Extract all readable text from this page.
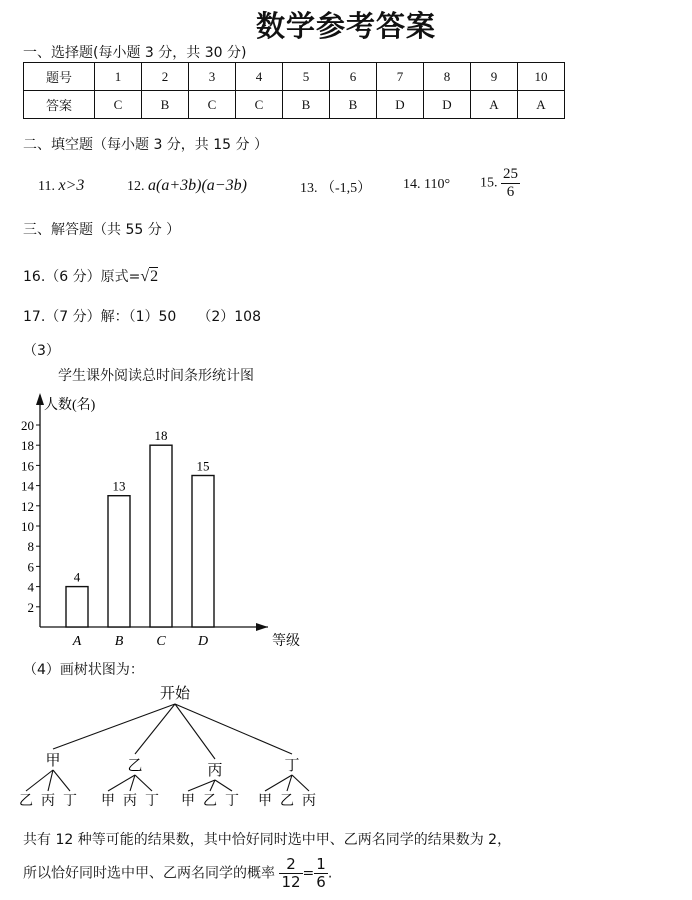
数学参考答案
一、选择题(每小题 3 分，共 30 分)
题号	1	2	3	4	5	6	7	8	9	10
答案	C	B	C	C	B	B	D	D	A	A
二、填空题（每小题 3 分，共 15 分 ）
11. x>3	12. a(a+3b)(a−3b)	13. （-1,5） 14. 110° 15. $\frac{25}{6}$
三、解答题（共 55 分 ）
16.（6 分）原式=√2
17.（7 分）解：（1）50　　（2）108
（3）
学生课外阅读总时间条形统计图
人数(名)
等级
2
4
6
8
10
12
14
16
18
20
4
A
13
B
18
C
15
D
（4）画树状图为：
开始
甲
乙 丙 丁
乙
甲 丙 丁
丙
甲 乙 丁
丁
甲 乙 丙
共有 12 种等可能的结果数，其中恰好同时选中甲、乙两名同学的结果数为 2，
所以恰好同时选中甲、乙两名同学的概率 $\frac{2}{12} = \frac{1}{6}$ .
